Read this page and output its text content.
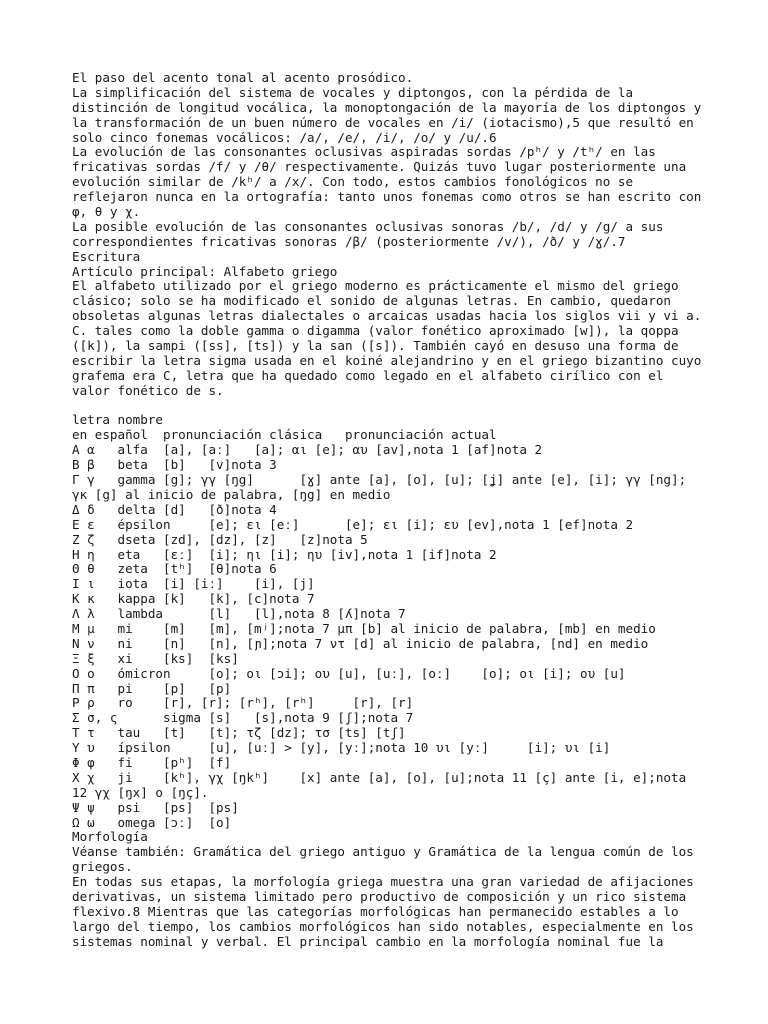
El paso del acento tonal al acento prosódico.
La simplificación del sistema de vocales y diptongos, con la pérdida de la
distinción de longitud vocálica, la monoptongación de la mayoría de los diptongos y
la transformación de un buen número de vocales en /i/ (iotacismo),5 que resultó en
solo cinco fonemas vocálicos: /a/, /e/, /i/, /o/ y /u/.6
La evolución de las consonantes oclusivas aspiradas sordas /pʰ/ y /tʰ/ en las
fricativas sordas /f/ y /θ/ respectivamente. Quizás tuvo lugar posteriormente una
evolución similar de /kʰ/ a /x/. Con todo, estos cambios fonológicos no se
reflejaron nunca en la ortografía: tanto unos fonemas como otros se han escrito con
φ, θ y χ.
La posible evolución de las consonantes oclusivas sonoras /b/, /d/ y /g/ a sus
correspondientes fricativas sonoras /β/ (posteriormente /v/), /ð/ y /ɣ/.7
Escritura
Artículo principal: Alfabeto griego
El alfabeto utilizado por el griego moderno es prácticamente el mismo del griego
clásico; solo se ha modificado el sonido de algunas letras. En cambio, quedaron
obsoletas algunas letras dialectales o arcaicas usadas hacia los siglos vii y vi a.
C. tales como la doble gamma o digamma (valor fonético aproximado [w]), la qoppa
([k]), la sampi ([ss], [ts]) y la san ([s]). También cayó en desuso una forma de
escribir la letra sigma usada en el koiné alejandrino y en el griego bizantino cuyo
grafema era C, letra que ha quedado como legado en el alfabeto cirílico con el
valor fonético de s.
letra nombre
en español  pronunciación clásica   pronunciación actual
Α α   alfa  [a], [aː]   [a]; αι [e]; αυ [av],nota 1 [af]nota 2
Β β   beta  [b]   [v]nota 3
Γ γ   gamma [g]; γγ [ŋg]      [ɣ] ante [a], [o], [u]; [ʝ] ante [e], [i]; γγ [ng];
γκ [g] al inicio de palabra, [ŋg] en medio
Δ δ   delta [d]   [ð]nota 4
Ε ε   épsilon     [e]; ει [eː]      [e]; ει [i]; ευ [ev],nota 1 [ef]nota 2
Ζ ζ   dseta [zd], [dz], [z]   [z]nota 5
Η η   eta   [ɛː]  [i]; ηι [i]; ηυ [iv],nota 1 [if]nota 2
Θ θ   zeta  [tʰ]  [θ]nota 6
Ι ι   iota  [i] [iː]    [i], [j]
Κ κ   kappa [k]   [k], [c]nota 7
Λ λ   lambda      [l]   [l],nota 8 [ʎ]nota 7
Μ μ   mi    [m]   [m], [mʲ];nota 7 μπ [b] al inicio de palabra, [mb] en medio
Ν ν   ni    [n]   [n], [ɲ];nota 7 ντ [d] al inicio de palabra, [nd] en medio
Ξ ξ   xi    [ks]  [ks]
Ο ο   ómicron     [o]; οι [ɔi]; ου [u], [uː], [oː]    [o]; οι [i]; ου [u]
Π π   pi    [p]   [p]
Ρ ρ   ro    [r], [r]; [rʰ], [rʰ]     [r], [r]
Σ σ, ς      sigma [s]   [s],nota 9 [ʃ];nota 7
Τ τ   tau   [t]   [t]; τζ [dz]; τσ [ts] [tʃ]
Υ υ   ípsilon     [u], [uː] > [y], [yː];nota 10 υι [yː]     [i]; υι [i]
Φ φ   fi    [pʰ]  [f]
Χ χ   ji    [kʰ], γχ [ŋkʰ]    [x] ante [a], [o], [u];nota 11 [ç] ante [i, e];nota
12 γχ [ŋx] o [ŋç].
Ψ ψ   psi   [ps]  [ps]
Ω ω   omega [ɔː]  [o]
Morfología
Véanse también: Gramática del griego antiguo y Gramática de la lengua común de los
griegos.
En todas sus etapas, la morfología griega muestra una gran variedad de afijaciones
derivativas, un sistema limitado pero productivo de composición y un rico sistema
flexivo.8 Mientras que las categorías morfológicas han permanecido estables a lo
largo del tiempo, los cambios morfológicos han sido notables, especialmente en los
sistemas nominal y verbal. El principal cambio en la morfología nominal fue la
